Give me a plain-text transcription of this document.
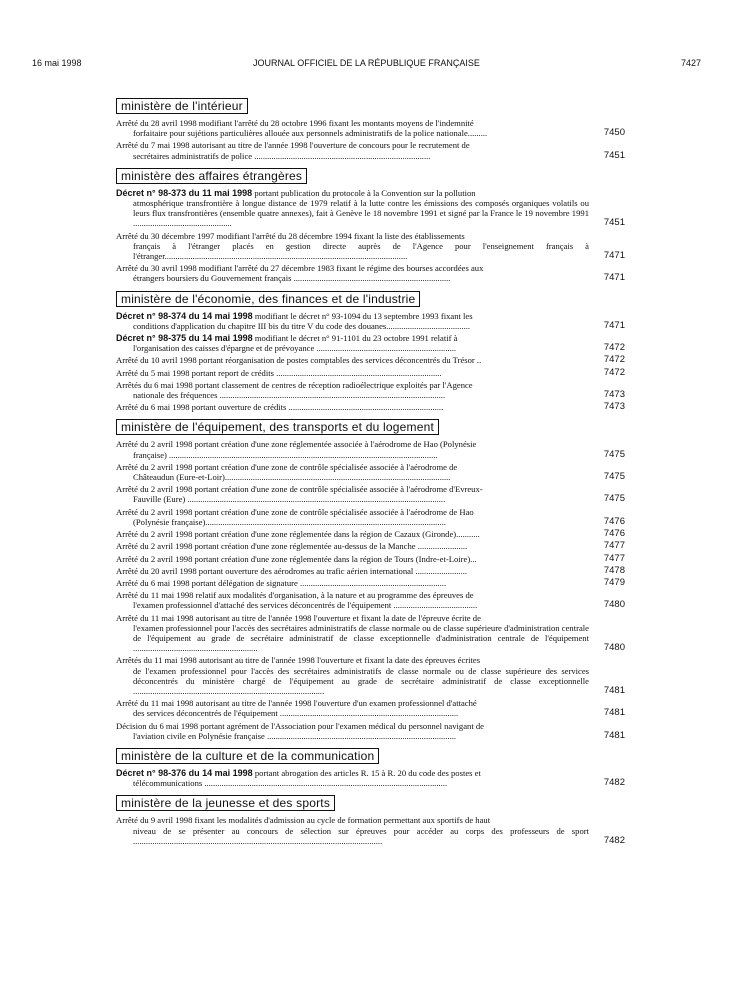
16 mai 1998	JOURNAL OFFICIEL DE LA RÉPUBLIQUE FRANÇAISE	7427
ministère de l'intérieur
Arrêté du 28 avril 1998 modifiant l'arrêté du 28 octobre 1996 fixant les montants moyens de l'indemnité
forfaitaire pour sujétions particulières allouée aux personnels administratifs de la police nationale.........	7450
Arrêté du 7 mai 1998 autorisant au titre de l'année 1998 l'ouverture de concours pour le recrutement de
secrétaires administratifs de police ..................................................................................	7451
ministère des affaires étrangères
Décret n° 98-373 du 11 mai 1998 portant publication du protocole à la Convention sur la pollution
atmosphérique transfrontière à longue distance de 1979 relatif à la lutte contre les émissions des composés organiques volatils ou leurs flux transfrontières (ensemble quatre annexes), fait à Genève le 18 novembre 1991 et signé par la France le 19 novembre 1991 ..............................................	7451
Arrêté du 30 décembre 1997 modifiant l'arrêté du 28 décembre 1994 fixant la liste des établissements
français à l'étranger placés en gestion directe auprès de l'Agence pour l'enseignement français à l'étranger.................................................................................................................	7471
Arrêté du 30 avril 1998 modifiant l'arrêté du 27 décembre 1983 fixant le régime des bourses accordées aux
étrangers boursiers du Gouvernement français .........................................................................	7471
ministère de l'économie, des finances et de l'industrie
Décret n° 98-374 du 14 mai 1998 modifiant le décret n° 93-1094 du 13 septembre 1993 fixant les
conditions d'application du chapitre III bis du titre V du code des douanes.......................................	7471
Décret n° 98-375 du 14 mai 1998 modifiant le décret n° 91-1101 du 23 octobre 1991 relatif à
l'organisation des caisses d'épargne et de prévoyance .................................................................	7472
Arrêté du 10 avril 1998 portant réorganisation de postes comptables des services déconcentrés du Trésor ..	7472
Arrêté du 5 mai 1998 portant report de crédits .............................................................................	7472
Arrêtés du 6 mai 1998 portant classement de centres de réception radioélectrique exploités par l'Agence
nationale des fréquences .........................................................................................................	7473
Arrêté du 6 mai 1998 portant ouverture de crédits ........................................................................	7473
ministère de l'équipement, des transports et du logement
Arrêté du 2 avril 1998 portant création d'une zone réglementée associée à l'aérodrome de Hao (Polynésie
française) .............................................................................................................................	7475
Arrêté du 2 avril 1998 portant création d'une zone de contrôle spécialisée associée à l'aérodrome de
Châteaudun (Eure-et-Loir).........................................................................................................	7475
Arrêté du 2 avril 1998 portant création d'une zone de contrôle spécialisée associée à l'aérodrome d'Evreux-
Fauville (Eure) ........................................................................................................................	7475
Arrêté du 2 avril 1998 portant création d'une zone de contrôle spécialisée associée à l'aérodrome de Hao
(Polynésie française)................................................................................................................	7476
Arrêté du 2 avril 1998 portant création d'une zone réglementée dans la région de Cazaux (Gironde)...........	7476
Arrêté du 2 avril 1998 portant création d'une zone réglementée au-dessus de la Manche .......................	7477
Arrêté du 2 avril 1998 portant création d'une zone réglementée dans la région de Tours (Indre-et-Loire)...	7477
Arrêté du 20 avril 1998 portant ouverture des aérodromes au trafic aérien international ........................	7478
Arrêté du 6 mai 1998 portant délégation de signature ....................................................................	7479
Arrêté du 11 mai 1998 relatif aux modalités d'organisation, à la nature et au programme des épreuves de
l'examen professionnel d'attaché des services déconcentrés de l'équipement .......................................	7480
Arrêté du 11 mai 1998 autorisant au titre de l'année 1998 l'ouverture et fixant la date de l'épreuve écrite de
l'examen professionnel pour l'accès des secrétaires administratifs de classe normale ou de classe supérieure d'administration centrale de l'équipement au grade de secrétaire administratif de classe exceptionnelle d'administration centrale de l'équipement ..........................................................	7480
Arrêtés du 11 mai 1998 autorisant au titre de l'année 1998 l'ouverture et fixant la date des épreuves écrites
de l'examen professionnel pour l'accès des secrétaires administratifs de classe normale ou de classe supérieure des services déconcentrés du ministère chargé de l'équipement au grade de secrétaire administratif de classe exceptionnelle .........................................................................................	7481
Arrêté du 11 mai 1998 autorisant au titre de l'année 1998 l'ouverture d'un examen professionnel d'attaché
des services déconcentrés de l'équipement ...................................................................................	7481
Décision du 6 mai 1998 portant agrément de l'Association pour l'examen médical du personnel navigant de
l'aviation civile en Polynésie française ........................................................................................	7481
ministère de la culture et de la communication
Décret n° 98-376 du 14 mai 1998 portant abrogation des articles R. 15 à R. 20 du code des postes et
télécommunications .................................................................................................................	7482
ministère de la jeunesse et des sports
Arrêté du 9 avril 1998 fixant les modalités d'admission au cycle de formation permettant aux sportifs de haut
niveau de se présenter au concours de sélection sur épreuves pour accéder au corps des professeurs de sport ....................................................................................................................	7482
